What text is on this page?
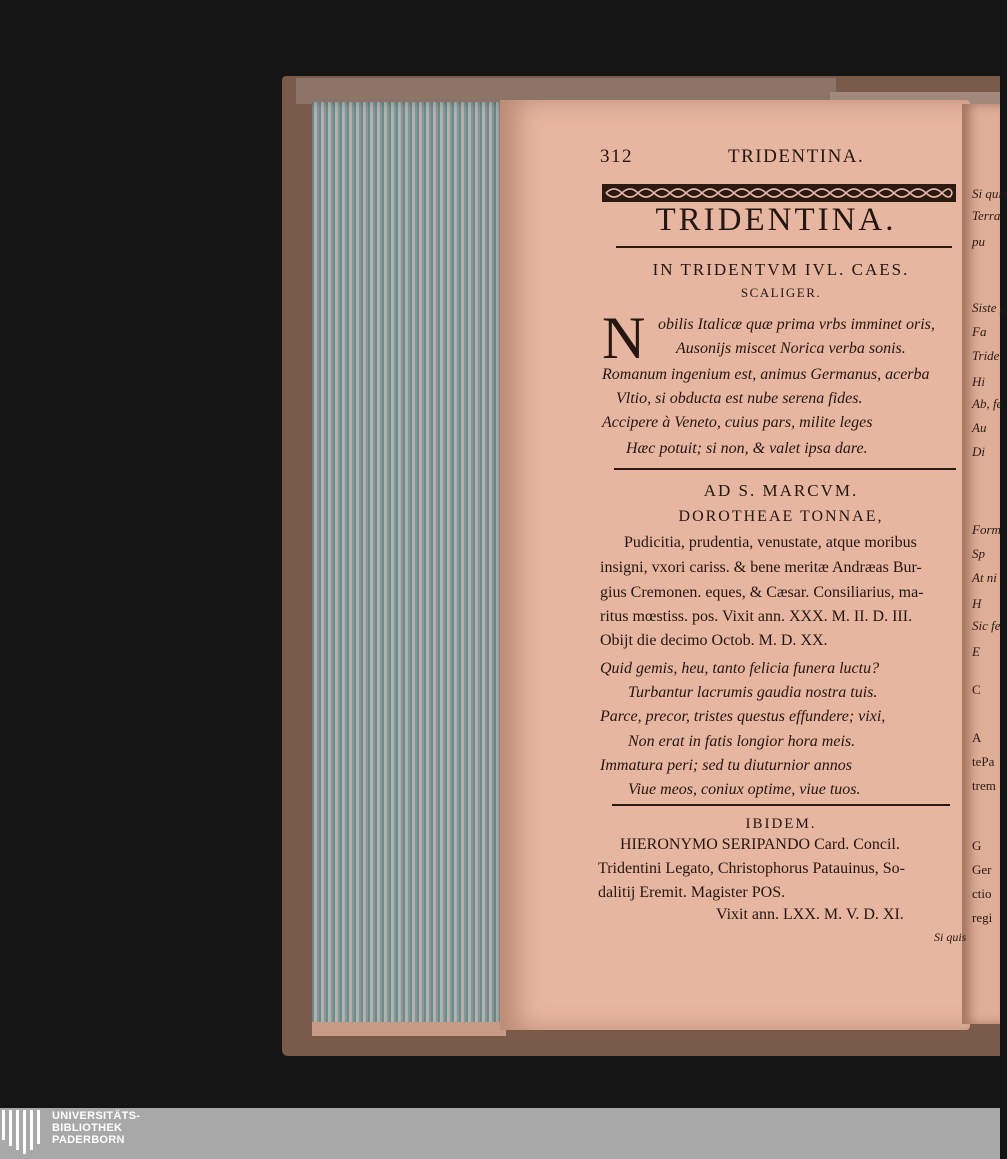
Si quis
Terra
pu
Siste g
Fa
Tride
Hi
Ab, fe
Au
Di
Form
Sp
At ni
H
Sic fe
E
C
A
tePa
trem
G
Ger
ctio
regi
312	TRIDENTINA.
TRIDENTINA.
IN TRIDENTVM IVL. CAES.
SCALIGER.
N obilis Italicæ quæ prima vrbs imminet oris,
Ausonijs miscet Norica verba sonis.
Romanum ingenium est, animus Germanus, acerba
Vltio, si obducta est nube serena fides.
Accipere à Veneto, cuius pars, milite leges
Hæc potuit; si non, & valet ipsa dare.
AD S. MARCVM.
DOROTHEAE TONNAE,
Pudicitia, prudentia, venustate, atque moribus
insigni, vxori cariss. & bene meritæ Andræas Bur-
gius Cremonen. eques, & Cæsar. Consiliarius, ma-
ritus mœstiss. pos. Vixit ann. XXX. M. II. D. III.
Obijt die decimo Octob. M. D. XX.
Quid gemis, heu, tanto felicia funera luctu?
Turbantur lacrumis gaudia nostra tuis.
Parce, precor, tristes questus effundere; vixi,
Non erat in fatis longior hora meis.
Immatura peri; sed tu diuturnior annos
Viue meos, coniux optime, viue tuos.
IBIDEM.
HIERONYMO SERIPANDO Card. Concil.
Tridentini Legato, Christophorus Patauinus, So-
dalitij Eremit. Magister POS.
Vixit ann. LXX. M. V. D. XI.
Si quis
UNIVERSITÄTS-
BIBLIOTHEK
PADERBORN
